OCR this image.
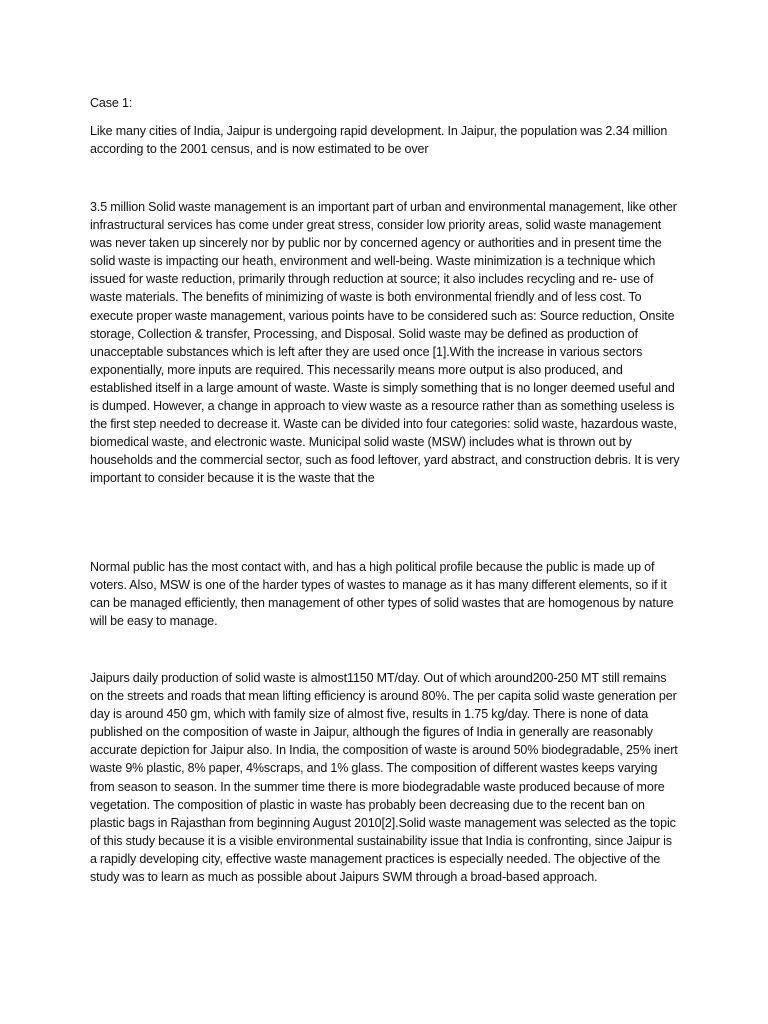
Case 1:

Like many cities of India, Jaipur is undergoing rapid development. In Jaipur, the population was 2.34 million according to the 2001 census, and is now estimated to be over

3.5 million Solid waste management is an important part of urban and environmental management, like other infrastructural services has come under great stress, consider low priority areas, solid waste management was never taken up sincerely nor by public nor by concerned agency or authorities and in present time the solid waste is impacting our heath, environment and well-being. Waste minimization is a technique which issued for waste reduction, primarily through reduction at source; it also includes recycling and re- use of waste materials. The benefits of minimizing of waste is both environmental friendly and of less cost. To execute proper waste management, various points have to be considered such as: Source reduction, Onsite storage, Collection & transfer, Processing, and Disposal. Solid waste may be defined as production of unacceptable substances which is left after they are used once [1].With the increase in various sectors exponentially, more inputs are required. This necessarily means more output is also produced, and established itself in a large amount of waste. Waste is simply something that is no longer deemed useful and is dumped. However, a change in approach to view waste as a resource rather than as something useless is the first step needed to decrease it. Waste can be divided into four categories: solid waste, hazardous waste, biomedical waste, and electronic waste. Municipal solid waste (MSW) includes what is thrown out by households and the commercial sector, such as food leftover, yard abstract, and construction debris. It is very important to consider because it is the waste that the

Normal public has the most contact with, and has a high political profile because the public is made up of voters. Also, MSW is one of the harder types of wastes to manage as it has many different elements, so if it can be managed efficiently, then management of other types of solid wastes that are homogenous by nature will be easy to manage.

Jaipurs daily production of solid waste is almost1150 MT/day. Out of which around200-250 MT still remains on the streets and roads that mean lifting efficiency is around 80%. The per capita solid waste generation per day is around 450 gm, which with family size of almost five, results in 1.75 kg/day. There is none of data published on the composition of waste in Jaipur, although the figures of India in generally are reasonably accurate depiction for Jaipur also. In India, the composition of waste is around 50% biodegradable, 25% inert waste 9% plastic, 8% paper, 4%scraps, and 1% glass. The composition of different wastes keeps varying from season to season. In the summer time there is more biodegradable waste produced because of more vegetation. The composition of plastic in waste has probably been decreasing due to the recent ban on plastic bags in Rajasthan from beginning August 2010[2].Solid waste management was selected as the topic of this study because it is a visible environmental sustainability issue that India is confronting, since Jaipur is a rapidly developing city, effective waste management practices is especially needed. The objective of the study was to learn as much as possible about Jaipurs SWM through a broad-based approach.
